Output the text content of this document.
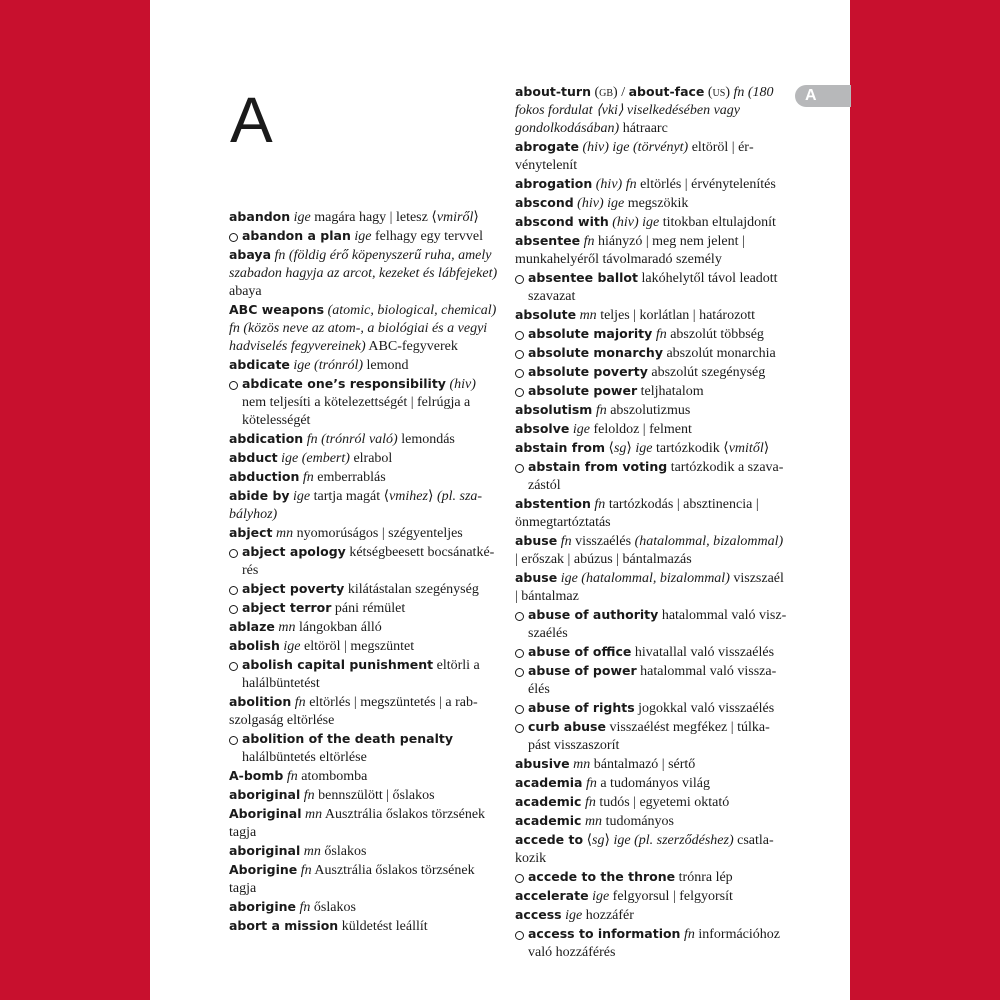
A	A
abandon ige magára hagy | letesz ⟨vmiről⟩
abandon a plan ige felhagy egy tervvel
abaya fn (földig érő köpenyszerű ruha, amely szabadon hagyja az arcot, kezeket és lábfejeket) abaya
ABC weapons (atomic, biological, chemical) fn (közös neve az atom-, a biológiai és a vegyi hadviselés fegyvereinek) ABC-fegyverek
abdicate ige (trónról) lemond
abdicate one’s responsibility (hiv) nem teljesíti a kötelezettségét | felrúgja a kötelességét
abdication fn (trónról való) lemondás
abduct ige (embert) elrabol
abduction fn emberrablás
abide by ige tartja magát ⟨vmihez⟩ (pl. szabályhoz)
abject mn nyomorúságos | szégyenteljes
abject apology kétségbeesett bocsánatkérés
abject poverty kilátástalan szegénység
abject terror páni rémület
ablaze mn lángokban álló
abolish ige eltöröl | megszüntet
abolish capital punishment eltörli a halálbüntetést
abolition fn eltörlés | megszüntetés | a rabszolgaság eltörlése
abolition of the death penalty halálbüntetés eltörlése
A-bomb fn atombomba
aboriginal fn bennszülött | őslakos
Aboriginal mn Ausztrália őslakos törzsének tagja
aboriginal mn őslakos
Aborigine fn Ausztrália őslakos törzsének tagja
aborigine fn őslakos
abort a mission küldetést leállít
about-turn (gb) / about-face (us) fn (180 fokos fordulat ⟨vki⟩ viselkedésében vagy gondolkodásában) hátraarc
abrogate (hiv) ige (törvényt) eltöröl | érvénytelenít
abrogation (hiv) fn eltörlés | érvénytelenítés
abscond (hiv) ige megszökik
abscond with (hiv) ige titokban eltulajdonít
absentee fn hiányzó | meg nem jelent | munkahelyéről távolmaradó személy
absentee ballot lakóhelytől távol leadott szavazat
absolute mn teljes | korlátlan | határozott
absolute majority fn abszolút többség
absolute monarchy abszolút monarchia
absolute poverty abszolút szegénység
absolute power teljhatalom
absolutism fn abszolutizmus
absolve ige feloldoz | felment
abstain from ⟨sg⟩ ige tartózkodik ⟨vmitől⟩
abstain from voting tartózkodik a szavazástól
abstention fn tartózkodás | absztinencia | önmegtartóztatás
abuse fn visszaélés (hatalommal, bizalommal) | erőszak | abúzus | bántalmazás
abuse ige (hatalommal, bizalommal) viszszaél | bántalmaz
abuse of authority hatalommal való viszszaélés
abuse of office hivatallal való visszaélés
abuse of power hatalommal való visszaélés
abuse of rights jogokkal való visszaélés
curb abuse visszaélést megfékez | túlkapást visszaszorít
abusive mn bántalmazó | sértő
academia fn a tudományos világ
academic fn tudós | egyetemi oktató
academic mn tudományos
accede to ⟨sg⟩ ige (pl. szerződéshez) csatlakozik
accede to the throne trónra lép
accelerate ige felgyorsul | felgyorsít
access ige hozzáfér
access to information fn információhoz való hozzáférés
